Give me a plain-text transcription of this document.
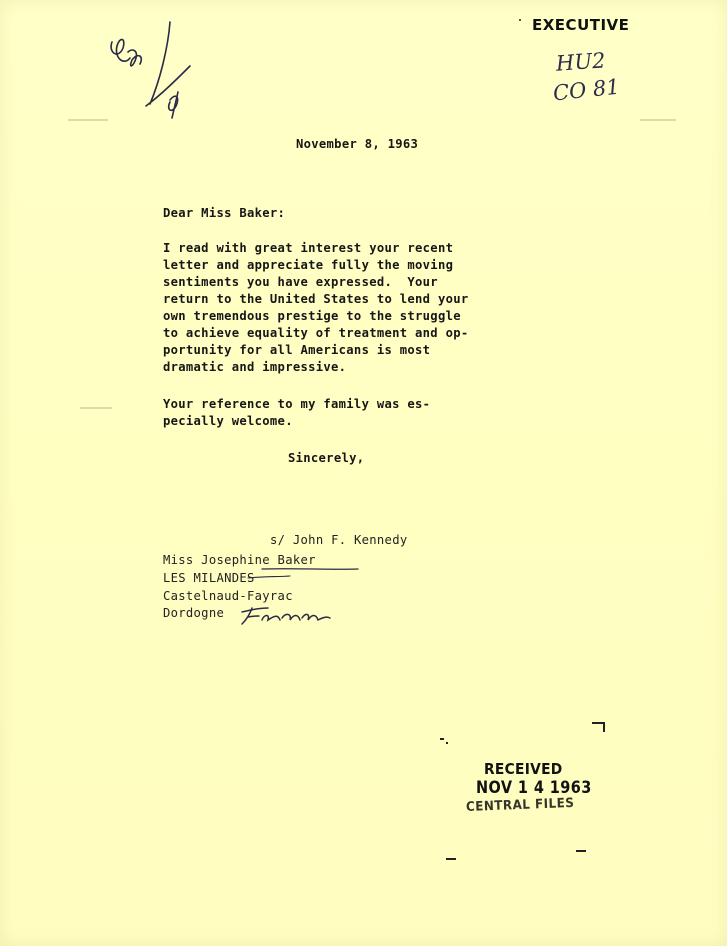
EXECUTIVE
HU2
CO 81
November 8, 1963
Dear Miss Baker:
I read with great interest your recent
letter and appreciate fully the moving
sentiments you have expressed.  Your
return to the United States to lend your
own tremendous prestige to the struggle
to achieve equality of treatment and op-
portunity for all Americans is most
dramatic and impressive.
Your reference to my family was es-
pecially welcome.
Sincerely,
s/ John F. Kennedy
Miss Josephine Baker
LES MILANDES
Castelnaud-Fayrac
Dordogne
RECEIVED
NOV 1 4 1963
CENTRAL FILES
